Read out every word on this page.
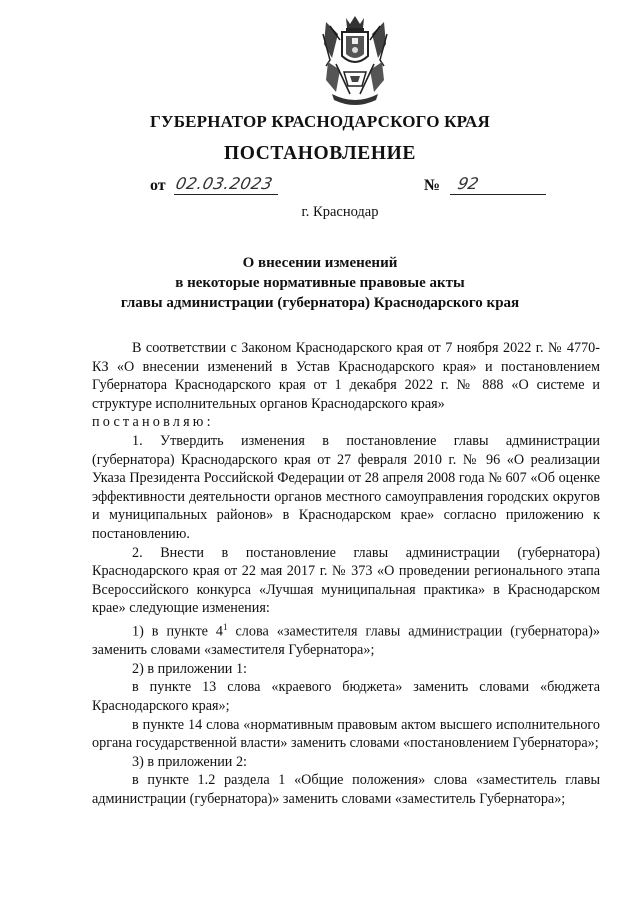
ГУБЕРНАТОР КРАСНОДАРСКОГО КРАЯ
ПОСТАНОВЛЕНИЕ
от 02.03.2023	№ 92
г. Краснодар
О внесении изменений
в некоторые нормативные правовые акты
главы администрации (губернатора) Краснодарского края

В соответствии с Законом Краснодарского края от 7 ноября 2022 г. № 4770-КЗ «О внесении изменений в Устав Краснодарского края» и постановлением Губернатора Краснодарского края от 1 декабря 2022 г. № 888 «О системе и структуре исполнительных органов Краснодарского края»

постановляю:

1. Утвердить изменения в постановление главы администрации (губернатора) Краснодарского края от 27 февраля 2010 г. № 96 «О реализации Указа Президента Российской Федерации от 28 апреля 2008 года № 607 «Об оценке эффективности деятельности органов местного самоуправления городских округов и муниципальных районов» в Краснодарском крае» согласно приложению к постановлению.

2. Внести в постановление главы администрации (губернатора) Краснодарского края от 22 мая 2017 г. № 373 «О проведении регионального этапа Всероссийского конкурса «Лучшая муниципальная практика» в Краснодарском крае» следующие изменения:

1) в пункте $4^1$ слова «заместителя главы администрации (губернатора)» заменить словами «заместителя Губернатора»;

2) в приложении 1:

в пункте 13 слова «краевого бюджета» заменить словами «бюджета Краснодарского края»;

в пункте 14 слова «нормативным правовым актом высшего исполнительного органа государственной власти» заменить словами «постановлением Губернатора»;

3) в приложении 2:

в пункте 1.2 раздела 1 «Общие положения» слова «заместитель главы администрации (губернатора)» заменить словами «заместитель Губернатора»;
